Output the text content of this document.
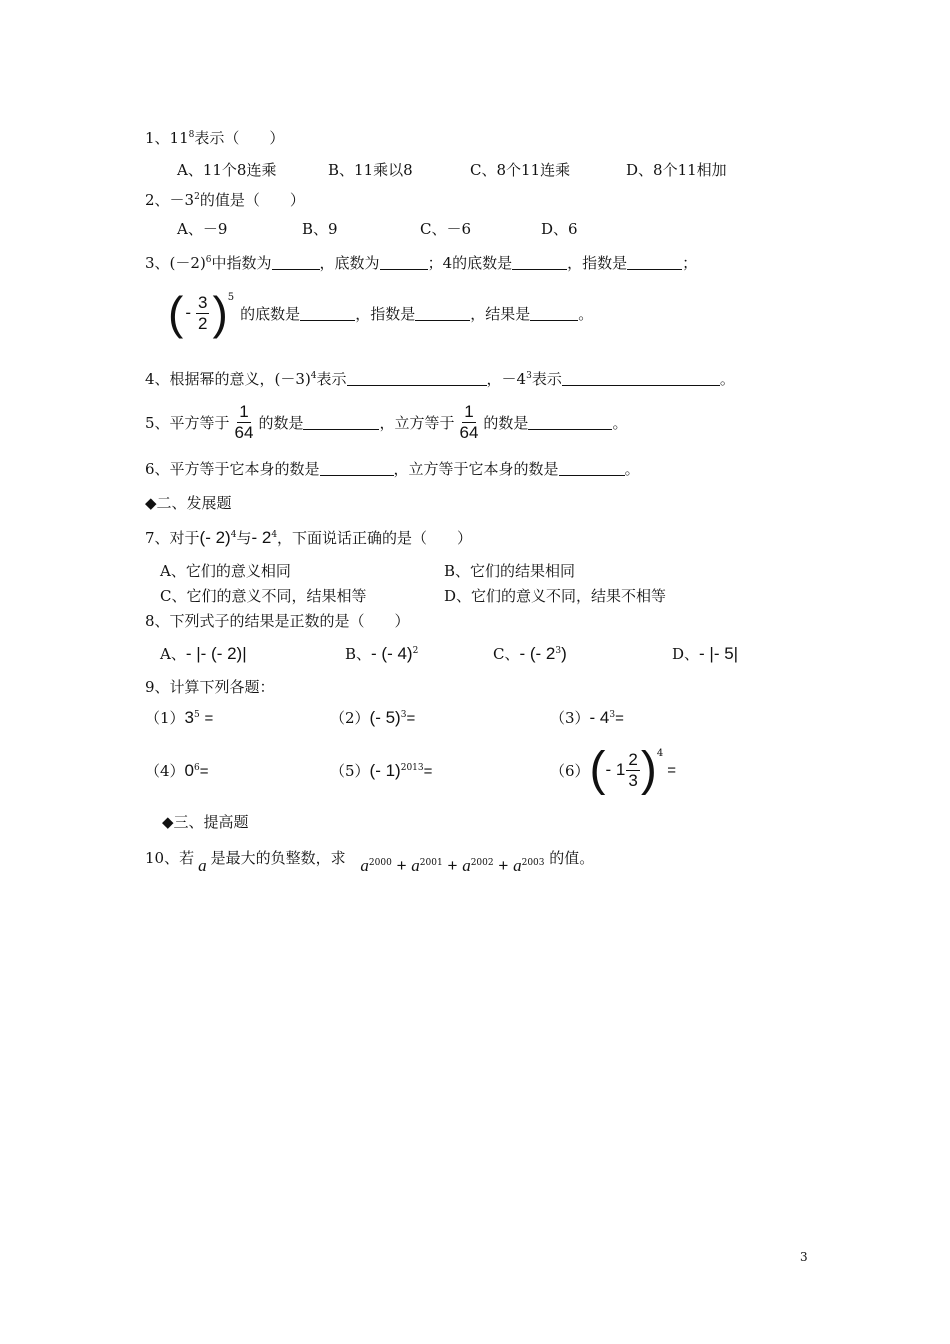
1、$11^8$表示（　　）
A、11个8连乘	B、11乘以8	C、8个11连乘	D、8个11相加
2、$-3^2$的值是（　　）
A、－9	B、9	C、－6	D、6
3、$(-2)^6$中指数为	，底数为	；4的底数是	，指数是	；
( - $\frac{3}{2}$ ) 5
的底数是	，指数是	，结果是	。
4、根据幂的意义，$(-3)^4$表示	，$-4^3$表示	。
5、平方等于 $\frac{1}{64}$ 的数是	，立方等于 $\frac{1}{64}$ 的数是	。
6、平方等于它本身的数是	，立方等于它本身的数是	。
◆二、发展题
7、对于(- 2)$^4$与- $2^4$，下面说话正确的是（　　）
A、它们的意义相同	B、它们的结果相同
C、它们的意义不同，结果相等	D、它们的意义不同，结果不相等
8、下列式子的结果是正数的是（　　）
A、- |- (- 2)|	B、- (- 4)$^2$	C、- (- $2^3$)	D、- |- 5|
9、计算下列各题：
$(1)3^5$ =	（2）(- 5)$^3$=	（3）- $4^3=$
$(4)0^6=$	（5）(- 1)$^{2013}$=	（6） ( - $1 \frac{2}{3}$ ) 4
=
◆三、提高题
10、若 a 是最大的负整数，求 $a^{2000} + a^{2001} + a^{2002} + a^{2003}$ 的值。
3
